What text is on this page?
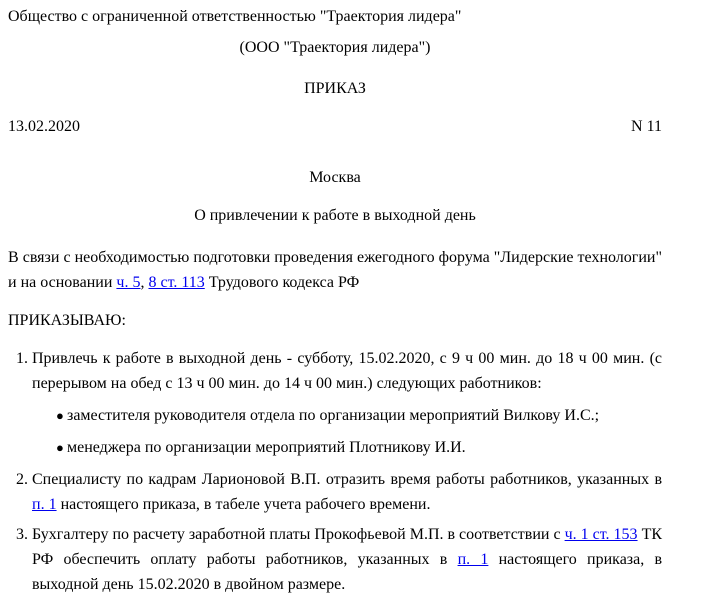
Общество с ограниченной ответственностью "Траектория лидера"

(ООО "Траектория лидера")

ПРИКАЗ

13.02.2020	N 11

Москва

О привлечении к работе в выходной день

В связи с необходимостью подготовки проведения ежегодного форума "Лидерские технологии" и на основании ч. 5, 8 ст. 113 Трудового кодекса РФ

ПРИКАЗЫВАЮ:

1. Привлечь к работе в выходной день - субботу, 15.02.2020, с 9 ч 00 мин. до 18 ч 00 мин. (с перерывом на обед с 13 ч 00 мин. до 14 ч 00 мин.) следующих работников:
● заместителя руководителя отдела по организации мероприятий Вилкову И.С.;
● менеджера по организации мероприятий Плотникову И.И.
2. Специалисту по кадрам Ларионовой В.П. отразить время работы работников, указанных в п. 1 настоящего приказа, в табеле учета рабочего времени.
3. Бухгалтеру по расчету заработной платы Прокофьевой М.П. в соответствии с ч. 1 ст. 153 ТК РФ обеспечить оплату работы работников, указанных в п. 1 настоящего приказа, в выходной день 15.02.2020 в двойном размере.
